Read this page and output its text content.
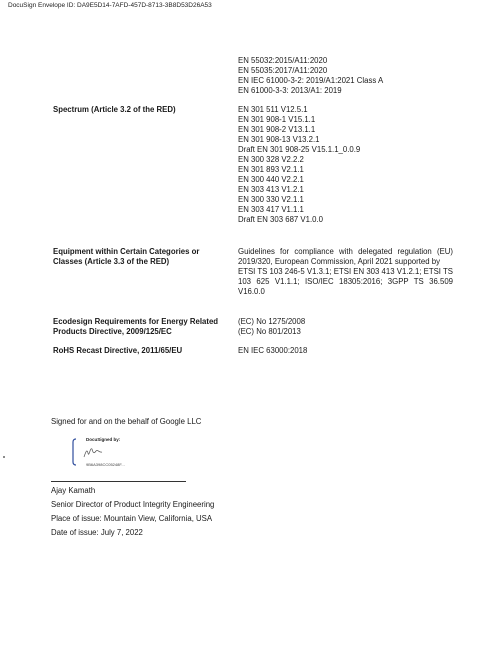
DocuSign Envelope ID: DA9E5D14-7AFD-457D-8713-3B8D53D26A53
EN 55032:2015/A11:2020
EN 55035:2017/A11:2020
EN IEC 61000-3-2: 2019/A1:2021 Class A
EN 61000-3-3: 2013/A1: 2019
Spectrum (Article 3.2 of the RED)	EN 301 511 V12.5.1
EN 301 908-1 V15.1.1
EN 301 908-2 V13.1.1
EN 301 908-13 V13.2.1
Draft EN 301 908-25 V15.1.1_0.0.9
EN 300 328 V2.2.2
EN 301 893 V2.1.1
EN 300 440 V2.2.1
EN 303 413 V1.2.1
EN 300 330 V2.1.1
EN 303 417 V1.1.1
Draft EN 303 687 V1.0.0
Equipment within Certain Categories or Classes (Article 3.3 of the RED)
Guidelines for compliance with delegated regulation (EU) 2019/320, European Commission, April 2021 supported by
ETSI TS 103 246-5 V1.3.1; ETSI EN 303 413 V1.2.1; ETSI TS 103 625 V1.1.1; ISO/IEC 18305:2016; 3GPP TS 36.509 V16.0.0
Ecodesign Requirements for Energy Related Products Directive, 2009/125/EC
(EC) No 1275/2008
(EC) No 801/2013
RoHS Recast Directive, 2011/65/EU	EN IEC 63000:2018
Signed for and on the behalf of Google LLC
DocuSigned by:
9B6A398CC05248F...
Ajay Kamath
Senior Director of Product Integrity Engineering
Place of issue: Mountain View, California, USA
Date of issue: July 7, 2022
